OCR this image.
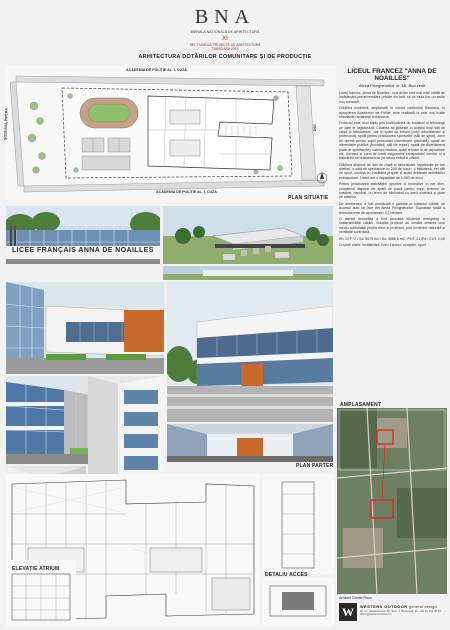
BNA
BIENALA NAȚIONALĂ DE ARHITECTURĂ
XI
SECȚIUNEA A PROIECTE DE ARHITECTURĂ
TIMIȘOARA 2014
ARHITECTURA DOTĂRILOR COMUNITARE ȘI DE PRODUCȚIE
ACADEMIA DE POLIȚIE AL. I. CUZA
ACADEMIA DE POLIȚIE AL. I. CUZA
ȘOSEAUA PIPERA	DN1
PLAN SITUAȚIE
LICEUL FRANCEZ "ANNA DE NOAILLES"
Aleea Privighetorilor nr. 1A, București

Liceul francez „Anna de Noailles", una dintre cele mai mari unități de învățământ preuniversitare private din țară, se va muta într-un sediu nou construit.

Clădirea modernă, amplasată în nordul cartierului Băneasa, în apropierea Academiei de Poliție, este realizată la cele mai înalte standarde românești și franceze.

Proiectul este unul atipic prin multitudinea de funcțiuni și tehnologii pe care le înglobează. Clădirea se găsește în același timp săli de clasă și laboratoare, dar și spații de birouri (corp administrativ și profesorat), spații pentru practicarea sporturilor (săli de sport), zone de dormit pentru copiii preșcolari (dormitoare grădiniță), spații de alimentație publică (bucătării, săli de mese), spații de divertisment (sală de spectacole), cabinet medical, spații tehnice și de depozitare etc. Accesul și zona de bază asigurarea transportului elevilor și a tranzitului se realizează de pe latura estică a clădirii.

Clădirea dispune de săli de clasă și laboratoare repartizate pe trei niveluri, o sală de spectacole cu 200 de locuri, o bibliotecă, trei săli de sport, cantină cu bucătărie proprie și spații destinate activităților extrașcolare. Liceul are o capacitate de 1.000 de elevi.

Pentru practicarea activităților sportive și recreative în aer liber, complexul dispune de spații de joacă pentru copii, terenuri de baschet, handbal, un teren de minifotbal cu iarbă sintetică și piste de atletism.

De asemenea, a fost prevăzută o parcare la subsolul clădirii, iar accesul auto se face din Aleea Privighetorilor. Suprafața totală a terenului este de aproximativ 3,2 hectare.

O atenție deosebită a fost acordată eficienței energetice și sustenabilității clădirii. Soluțiile propuse au urmărit crearea unui mediu confortabil pentru elevi și profesori, prin iluminare naturală și ventilație controlată.

Rh: S+P+2 / Sd: 5075 m2 / Su: 3686,5 m2 / POT: 21,5% / CUT: 0,45

Cuvinte cheie: învățământ, liceu francez, complex, sport

LICÉE FRANÇAIS ANNA DE NOAILLES
PLAN PARTER
AMPLASAMENT
ELEVAȚIE ATRIUM
DETALIU ACCES
Arhitect Daniel Rosu
W	WESTERN OUTDOOR general design
str. Gr. Alexandrescu 59, Sect. 1, București, tel: +40 21 313 45 67, office@westernoutdoor.ro
